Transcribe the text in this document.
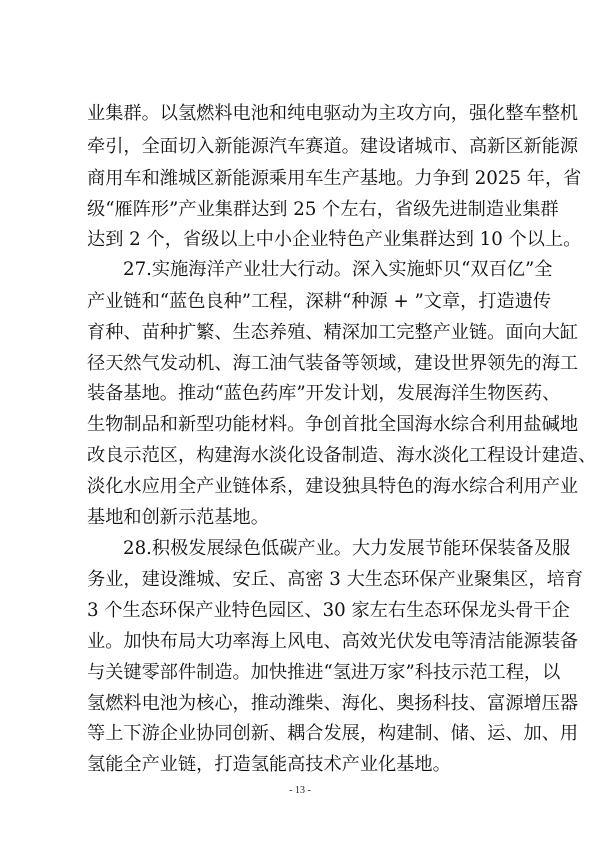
业集群。以氢燃料电池和纯电驱动为主攻方向，强化整车整机
牵引，全面切入新能源汽车赛道。建设诸城市、高新区新能源
商用车和潍城区新能源乘用车生产基地。力争到 2025 年，省
级“雁阵形”产业集群达到 25 个左右，省级先进制造业集群
达到 2 个，省级以上中小企业特色产业集群达到 10 个以上。
27.实施海洋产业壮大行动。深入实施虾贝“双百亿”全
产业链和“蓝色良种”工程，深耕“种源 + ”文章，打造遗传
育种、苗种扩繁、生态养殖、精深加工完整产业链。面向大缸
径天然气发动机、海工油气装备等领域，建设世界领先的海工
装备基地。推动“蓝色药库”开发计划，发展海洋生物医药、
生物制品和新型功能材料。争创首批全国海水综合利用盐碱地
改良示范区，构建海水淡化设备制造、海水淡化工程设计建造、
淡化水应用全产业链体系，建设独具特色的海水综合利用产业
基地和创新示范基地。
28.积极发展绿色低碳产业。大力发展节能环保装备及服
务业，建设潍城、安丘、高密 3 大生态环保产业聚集区，培育
3 个生态环保产业特色园区、30 家左右生态环保龙头骨干企
业。加快布局大功率海上风电、高效光伏发电等清洁能源装备
与关键零部件制造。加快推进“氢进万家”科技示范工程，以
氢燃料电池为核心，推动潍柴、海化、奥扬科技、富源增压器
等上下游企业协同创新、耦合发展，构建制、储、运、加、用
氢能全产业链，打造氢能高技术产业化基地。
- 13 -
